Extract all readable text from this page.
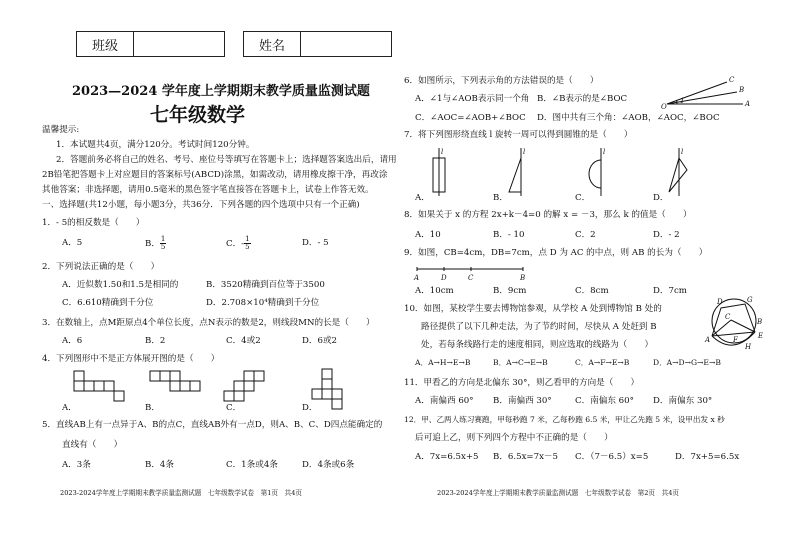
班级			姓名	
2023—2024 学年度上学期期末教学质量监测试题
七年级数学
温馨提示:
1．本试题共4页，满分120分。考试时间120分钟。
2．答题前务必将自己的姓名、考号、座位号等填写在答题卡上；选择题答案选出后，请用
2B铅笔把答题卡上对应题目的答案标号(ABCD)涂黑，如需改动，请用橡皮擦干净，再改涂
其他答案；非选择题，请用0.5毫米的黑色签字笔直接答在答题卡上，试卷上作答无效。
一、选择题(共12小题，每小题3分，共36分．下列各题的四个选项中只有一个正确)
1．- 5的相反数是（　　）
A．5	B． $\frac{1}{5}$	C．- $\frac{1}{5}$	D．- 5
2．下列说法正确的是（　　）
A．近似数1.50和1.5是相同的	B．3520精确到百位等于3500
C．6.610精确到千分位	D．2.708×10⁴精确到千分位
3．在数轴上，点M距原点4个单位长度，点N表示的数是2，则线段MN的长是（　　）
A．6	B．2	C．4或2	D．6或2
4．下列图形中不是正方体展开图的是（　　）
A．	B．	C．	D．
5．直线AB上有一点异于A、B的点C，直线AB外有一点D，则A、B、C、D四点能确定的
直线有（　　）
A．3条	B．4条	C．1条或4条	D．4条或6条
2023-2024学年度上学期期末教学质量监测试题　七年级数学试卷　第1页　共4页
6．如图所示，下列表示角的方法错误的是（　　）
A．∠1与∠AOB表示同一个角 B．∠B表示的是∠BOC
C．∠AOC=∠AOB+∠BOC D．图中共有三个角：∠AOB，∠AOC，∠BOC
C
B
A
O
1
7．将下列图形绕直线 l 旋转一周可以得到圆锥的是（　　）
A．	B．	C．	D．
l	l	l	l
8．如果关于 x 的方程 2x+k－4=0 的解 x = －3，那么 k 的值是（　　）
A．10	B．- 10	C．2	D．- 2
9．如图，CB=4cm，DB=7cm，点 D 为 AC 的中点，则 AB 的长为（　　）
A	D	C	B
A．10cm	B．9cm	C．8cm	D．7cm
10．如图，某校学生要去博物馆参观，从学校 A 处到博物馆 B 处的
路径提供了以下几种走法，为了节约时间，尽快从 A 处赶到 B
处，若每条线路行走的速度相同，则应选取的线路为（　　）
A．A→H→E→B	B．A→C→E→B	C．A→F→E→B	D．A→D→G→E→B
D	G
C
A	F
H
E
B
11．甲看乙的方向是北偏东 30°，则乙看甲的方向是（　　）
A．南偏西 60° B．南偏西 30°	C．南偏东 60° D．南偏东 30°
12．甲、乙两人练习赛跑，甲每秒跑 7 米，乙每秒跑 6.5 米，甲让乙先跑 5 米，设甲出发 x 秒
后可追上乙，则下列四个方程中不正确的是（　　）
A．7x=6.5x+5 B．6.5x=7x－5 C．（7－6.5）x=5	D．7x+5=6.5x
2023-2024学年度上学期期末教学质量监测试题　七年级数学试卷　第2页　共4页
